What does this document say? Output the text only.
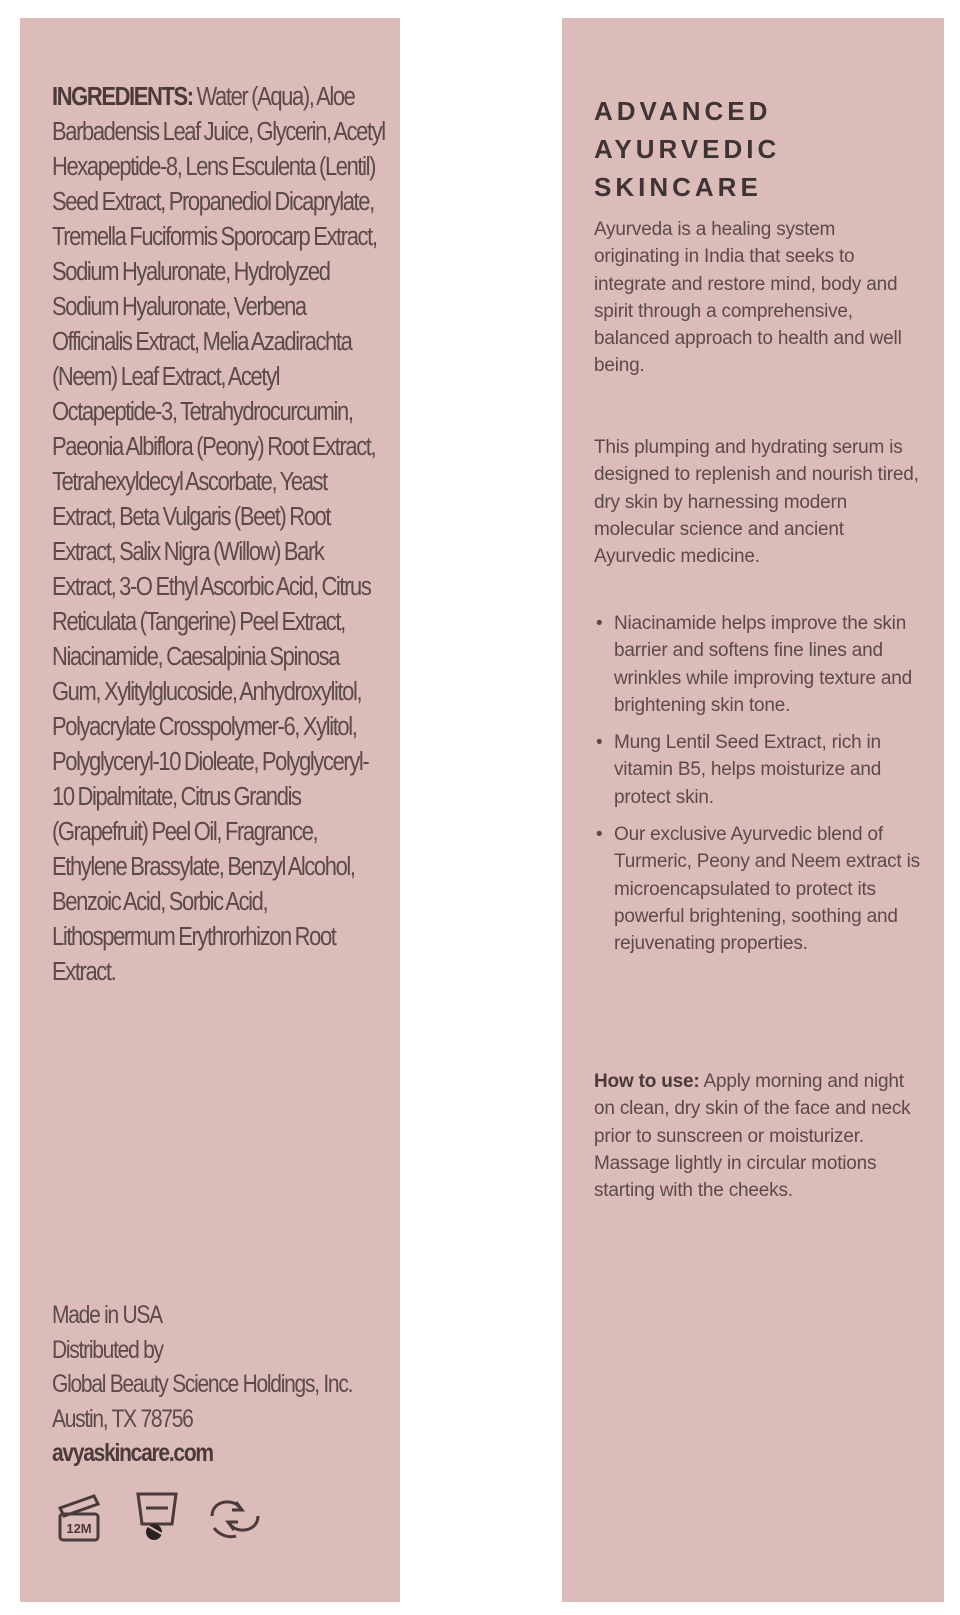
INGREDIENTS: Water (Aqua), Aloe Barbadensis Leaf Juice, Glycerin, Acetyl Hexapeptide-8, Lens Esculenta (Lentil) Seed Extract, Propanediol Dicaprylate, Tremella Fuciformis Sporocarp Extract, Sodium Hyaluronate, Hydrolyzed Sodium Hyaluronate, Verbena Officinalis Extract, Melia Azadirachta (Neem) Leaf Extract, Acetyl Octapeptide-3, Tetrahydrocurcumin, Paeonia Albiflora (Peony) Root Extract, Tetrahexyldecyl Ascorbate, Yeast Extract, Beta Vulgaris (Beet) Root Extract, Salix Nigra (Willow) Bark Extract, 3-O Ethyl Ascorbic Acid, Citrus Reticulata (Tangerine) Peel Extract, Niacinamide, Caesalpinia Spinosa Gum, Xylitylglucoside, Anhydroxylitol, Polyacrylate Crosspolymer-6, Xylitol, Polyglyceryl-10 Dioleate, Polyglyceryl-10 Dipalmitate, Citrus Grandis (Grapefruit) Peel Oil, Fragrance, Ethylene Brassylate, Benzyl Alcohol, Benzoic Acid, Sorbic Acid, Lithospermum Erythrorhizon Root Extract.
Made in USA
Distributed by
Global Beauty Science Holdings, Inc.
Austin, TX 78756
avyaskincare.com
12M
ADVANCED
AYURVEDIC
SKINCARE
Ayurveda is a healing system originating in India that seeks to integrate and restore mind, body and spirit through a comprehensive, balanced approach to health and well being.
This plumping and hydrating serum is designed to replenish and nourish tired, dry skin by harnessing modern molecular science and ancient Ayurvedic medicine.
• Niacinamide helps improve the skin barrier and softens fine lines and wrinkles while improving texture and brightening skin tone.
• Mung Lentil Seed Extract, rich in vitamin B5, helps moisturize and protect skin.
• Our exclusive Ayurvedic blend of Turmeric, Peony and Neem extract is microencapsulated to protect its powerful brightening, soothing and rejuvenating properties.
How to use: Apply morning and night on clean, dry skin of the face and neck prior to sunscreen or moisturizer. Massage lightly in circular motions starting with the cheeks.
